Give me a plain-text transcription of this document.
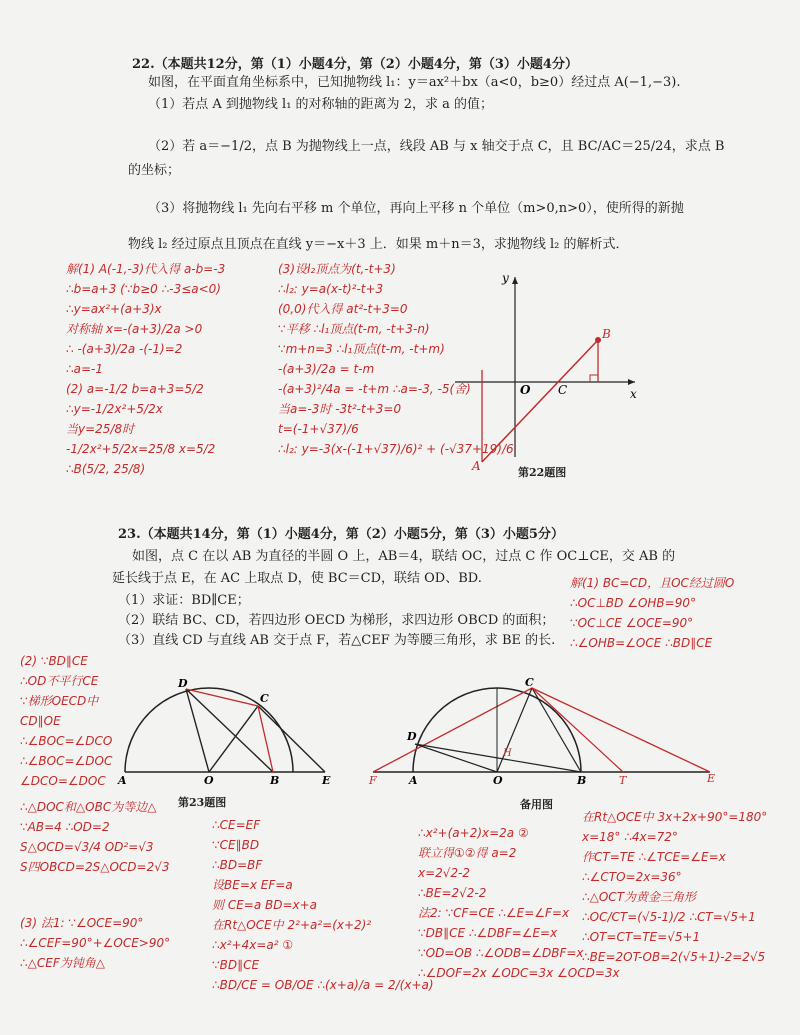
22.（本题共12分，第（1）小题4分，第（2）小题4分，第（3）小题4分）
如图，在平面直角坐标系中，已知抛物线 l₁：y＝ax²＋bx（a<0，b≥0）经过点 A(−1,−3).
（1）若点 A 到抛物线 l₁ 的对称轴的距离为 2，求 a 的值；
（2）若 a＝−1/2，点 B 为抛物线上一点，线段 AB 与 x 轴交于点 C，且 BC/AC＝25/24，求点 B
的坐标；
（3）将抛物线 l₁ 先向右平移 m 个单位，再向上平移 n 个单位（m>0,n>0），使所得的新抛
物线 l₂ 经过原点且顶点在直线 y＝−x＋3 上．如果 m＋n＝3，求抛物线 l₂ 的解析式．
解(1) A(-1,-3)代入得 a-b=-3
∴b=a+3 (∵b≥0 ∴-3≤a<0)
∴y=ax²+(a+3)x
对称轴 x=-(a+3)/2a >0
∴ -(a+3)/2a -(-1)=2
∴a=-1
(2) a=-1/2 b=a+3=5/2
∴y=-1/2x²+5/2x
当y=25/8时
-1/2x²+5/2x=25/8 x=5/2
∴B(5/2, 25/8)
(3)设l₂顶点为(t,-t+3)
∴l₂: y=a(x-t)²-t+3
(0,0)代入得 at²-t+3=0
∵平移 ∴l₁顶点(t-m, -t+3-n)
∵m+n=3 ∴l₁顶点(t-m, -t+m)
-(a+3)/2a = t-m
-(a+3)²/4a = -t+m ∴a=-3, -5(舍)
当a=-3时 -3t²-t+3=0
t=(-1+√37)/6
∴l₂: y=-3(x-(-1+√37)/6)² + (-√37+19)/6
O
y
x
A
B
C
第22题图
23.（本题共14分，第（1）小题4分，第（2）小题5分，第（3）小题5分）
如图，点 C 在以 AB 为直径的半圆 O 上，AB＝4，联结 OC，过点 C 作 OC⊥CE，交 AB 的
延长线于点 E，在 AC 上取点 D，使 BC＝CD，联结 OD、BD.
（1）求证：BD∥CE；
（2）联结 BC、CD，若四边形 OECD 为梯形，求四边形 OBCD 的面积；
（3）直线 CD 与直线 AB 交于点 F，若△CEF 为等腰三角形，求 BE 的长.
解(1) BC=CD，且OC经过圆O
∴OC⊥BD ∠OHB=90°
∵OC⊥CE ∠OCE=90°
∴∠OHB=∠OCE ∴BD∥CE
(2) ∵BD∥CE
∴OD不平行CE
∵梯形OECD中
CD∥OE
∴∠BOC=∠DCO
∴∠BOC=∠DOC
∠DCO=∠DOC
∴△DOC和△OBC为等边△
∵AB=4 ∴OD=2
S△OCD=√3/4 OD²=√3
S四OBCD=2S△OCD=2√3
D
C
A	O	B	E
第23题图
D
C
F	A	O	B	T	E
H
备用图
∴CE=EF
∵CE∥BD
∴BD=BF
设BE=x EF=a
则 CE=a BD=x+a
在Rt△OCE中 2²+a²=(x+2)²
∴x²+4x=a² ①
∵BD∥CE
∴BD/CE = OB/OE ∴(x+a)/a = 2/(x+a)
∴x²+(a+2)x=2a ②
联立得①②得 a=2
x=2√2-2
∴BE=2√2-2
法2: ∵CF=CE ∴∠E=∠F=x
∵DB∥CE ∴∠DBF=∠E=x
∵OD=OB ∴∠ODB=∠DBF=x
∴∠DOF=2x ∠ODC=3x ∠OCD=3x
在Rt△OCE中 3x+2x+90°=180°
x=18° ∴4x=72°
作CT=TE ∴∠TCE=∠E=x
∴∠CTO=2x=36°
∴△OCT为黄金三角形
∴OC/CT=(√5-1)/2 ∴CT=√5+1
∴OT=CT=TE=√5+1
∴BE=2OT-OB=2(√5+1)-2=2√5
(3) 法1: ∵∠OCE=90°
∴∠CEF=90°+∠OCE>90°
∴△CEF为钝角△
